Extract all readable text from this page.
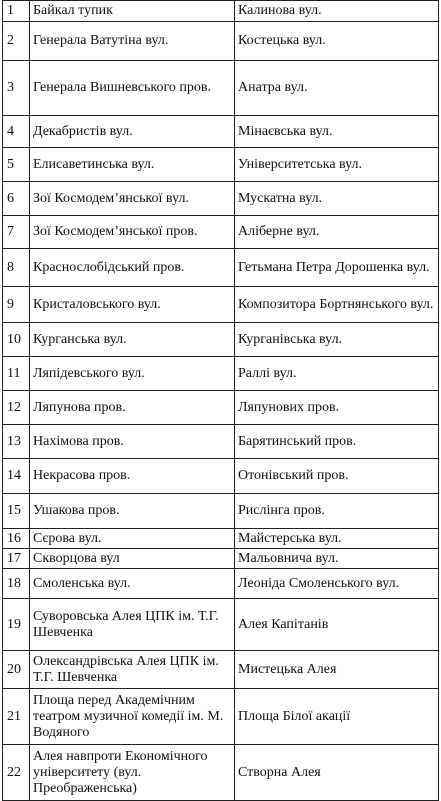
1	Байкал тупик	Калинова вул.
2	Генерала Ватутіна вул.	Костецька вул.
3	Генерала Вишневського пров.	Анатра вул.
4	Декабристів вул.	Мінаєвська вул.
5	Елисаветинська вул.	Університетська вул.
6	Зої Космодем’янської вул.	Мускатна вул.
7	Зої Космодем’янської пров.	Аліберне вул.
8	Краснослобідський пров.	Гетьмана Петра Дорошенка вул.
9	Кристаловського вул.	Композитора Бортнянського вул.
10	Курганська вул.	Курганівська вул.
11	Ляпідевського вул.	Раллі вул.
12	Ляпунова пров.	Ляпунових пров.
13	Нахімова пров.	Барятинський пров.
14	Некрасова пров.	Отонівський пров.
15	Ушакова пров.	Рислінга пров.
16	Сєрова вул.	Майстерська вул.
17	Скворцова вул	Мальовнича вул.
18	Смоленська вул.	Леоніда Смоленського вул.
19	Суворовська Алея ЦПК ім. Т.Г. Шевченка	Алея Капітанів
20	Олександрівська Алея ЦПК ім. Т.Г. Шевченка	Мистецька Алея
21	Площа перед Академічним театром музичної комедії ім. М. Водяного	Площа Білої акації
22	Алея навпроти Економічного університету (вул. Преображенська)	Створна Алея
